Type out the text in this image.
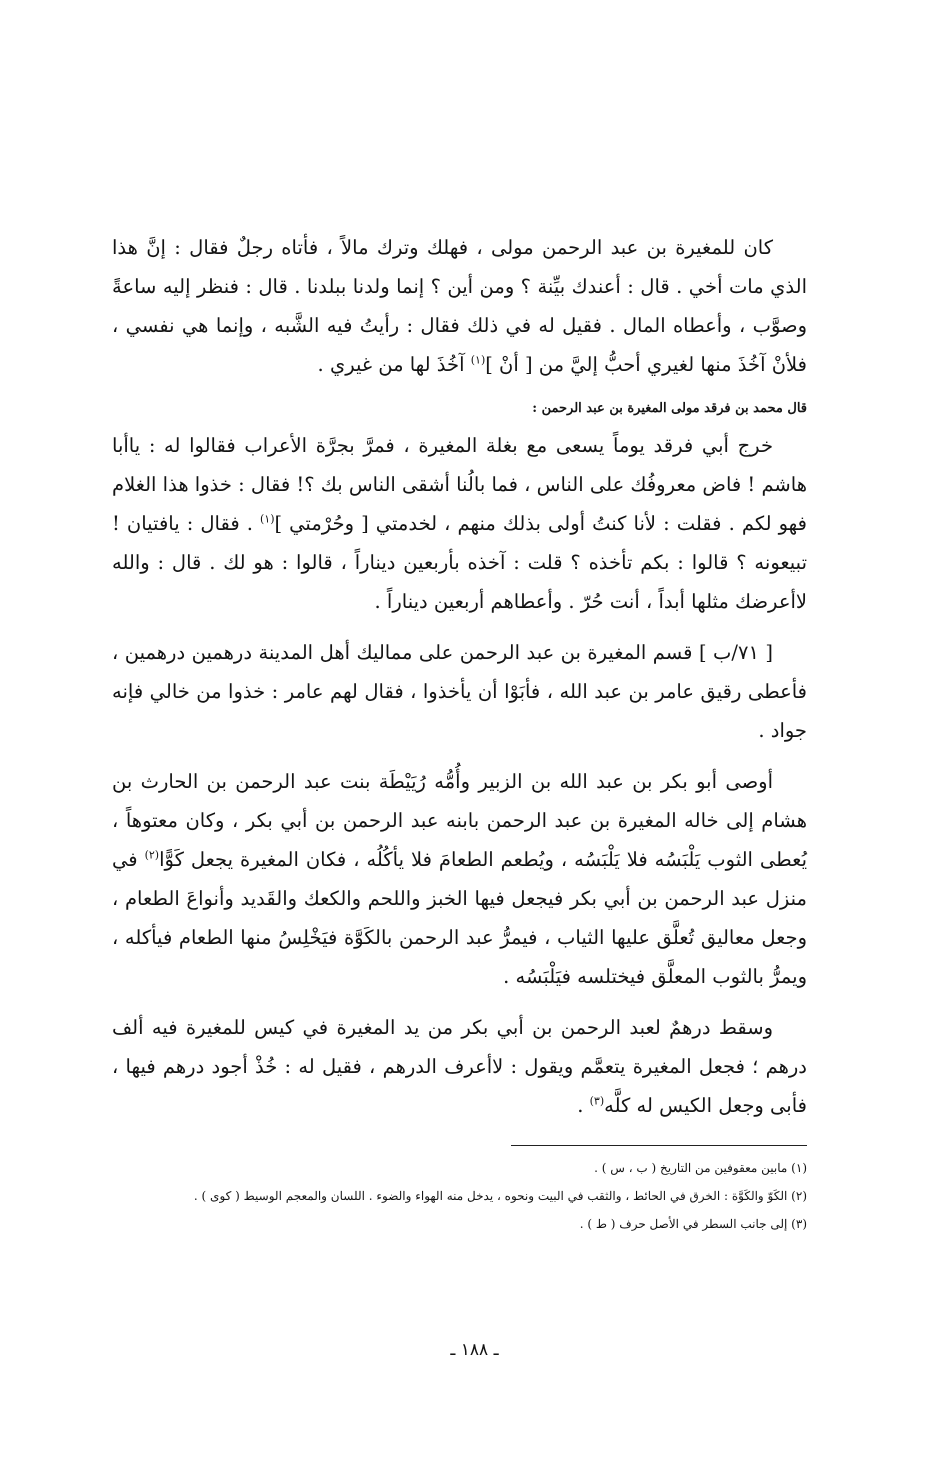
كان للمغيرة بن عبد الرحمن مولى ، فهلك وترك مالاً ، فأتاه رجلٌ فقال : إنَّ هذا الذي مات أخي . قال : أعندك بيِّنة ؟ ومن أين ؟ إنما ولدنا ببلدنا . قال : فنظر إليه ساعةً وصوَّب ، وأعطاه المال . فقيل له في ذلك فقال : رأيتُ فيه الشَّبه ، وإنما هي نفسي ، فلأنْ آخُذَ منها لغيري أحبُّ إليَّ من [ أنْ ]$^{(١)}$ آخُذَ لها من غيري .

قال محمد بن فرقد مولى المغيرة بن عبد الرحمن :

خرج أبي فرقد يوماً يسعى مع بغلة المغيرة ، فمرَّ بجرَّة الأعراب فقالوا له : ياأبا هاشم ! فاض معروفُك على الناس ، فما بالُنا أشقى الناس بك ؟! فقال : خذوا هذا الغلام فهو لكم . فقلت : لأنا كنتُ أولى بذلك منهم ، لخدمتي [ وحُرْمتي ]$^{(١)}$ . فقال : يافتيان ! تبيعونه ؟ قالوا : بكم تأخذه ؟ قلت : آخذه بأربعين ديناراً ، قالوا : هو لك . قال : والله لاأعرضك مثلها أبداً ، أنت حُرّ . وأعطاهم أربعين ديناراً .

[ ٧١/ب ] قسم المغيرة بن عبد الرحمن على مماليك أهل المدينة درهمين درهمين ، فأعطى رقيق عامر بن عبد الله ، فأبَوْا أن يأخذوا ، فقال لهم عامر : خذوا من خالي فإنه جواد .

أوصى أبو بكر بن عبد الله بن الزبير وأُمُّه رُيَيْطَة بنت عبد الرحمن بن الحارث بن هشام إلى خاله المغيرة بن عبد الرحمن بابنه عبد الرحمن بن أبي بكر ، وكان معتوهاً ، يُعطى الثوب يَلْبَسُه فلا يَلْبَسُه ، ويُطعم الطعامَ فلا يأكُلُه ، فكان المغيرة يجعل كَوًّا$^{(٢)}$ في منزل عبد الرحمن بن أبي بكر فيجعل فيها الخبز واللحم والكعك والقَديد وأنواعَ الطعام ، وجعل معاليق تُعلَّق عليها الثياب ، فيمرُّ عبد الرحمن بالكَوَّة فيَخْلِسُ منها الطعام فيأكله ، ويمرُّ بالثوب المعلَّق فيختلسه فيَلْبَسُه .

وسقط درهمٌ لعبد الرحمن بن أبي بكر من يد المغيرة في كيس للمغيرة فيه ألف درهم ؛ فجعل المغيرة يتعمَّم ويقول : لاأعرف الدرهم ، فقيل له : خُذْ أجود درهم فيها ، فأبى وجعل الكيس له كلَّه$^{(٣)}$ .

(١) مابين معقوفين من التاريخ ( ب ، س ) .

(٢) الكَوّ والكَوَّة : الخرق في الحائط ، والثقب في البيت ونحوه ، يدخل منه الهواء والضوء . اللسان والمعجم الوسيط ( كوى ) .

(٣) إلى جانب السطر في الأصل حرف ( ط ) .

ـ ١٨٨ ـ
